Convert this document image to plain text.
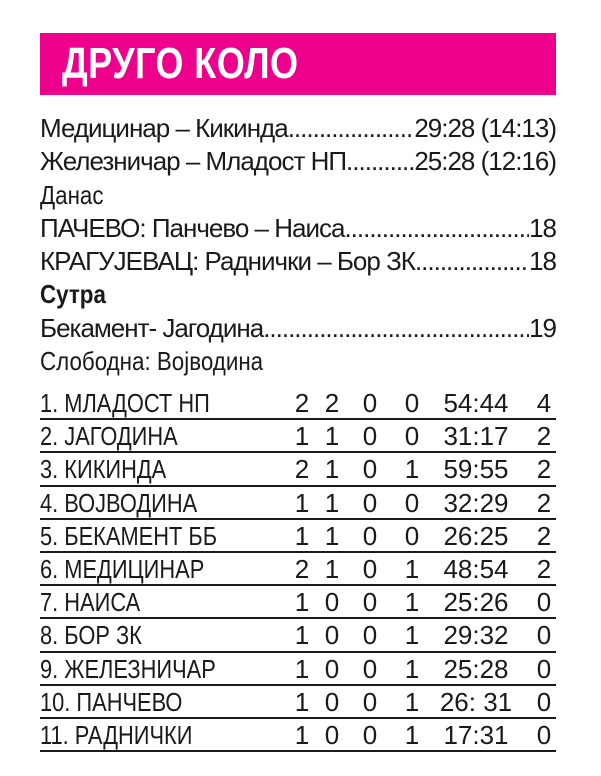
ДРУГО КОЛО
Медицинар – Кикинда .....	29:28 (14:13)
Железничар – Младост НП .....	25:28 (12:16)
Данас
ПАЧЕВО: Панчево – Наиса .....	18
КРАГУЈЕВАЦ: Раднички – Бор ЗК .....	18
Сутра
Бекамент- Јагодина .....	19
Слободна: Војводина
1. МЛАДОСТ НП	2 2 0 0 54:44 4
2. ЈАГОДИНА	1 1 0 0 31:17 2
3. КИКИНДА	2 1 0 1 59:55 2
4. ВОЈВОДИНА	1 1 0 0 32:29 2
5. БЕКАМЕНТ ББ	1 1 0 0 26:25 2
6. МЕДИЦИНАР	2 1 0 1 48:54 2
7. НАИСА	1 0 0 1 25:26 0
8. БОР ЗК	1 0 0 1 29:32 0
9. ЖЕЛЕЗНИЧАР	1 0 0 1 25:28 0
10. ПАНЧЕВО	1 0 0 1 26: 31 0
11. РАДНИЧКИ	1 0 0 1 17:31 0
